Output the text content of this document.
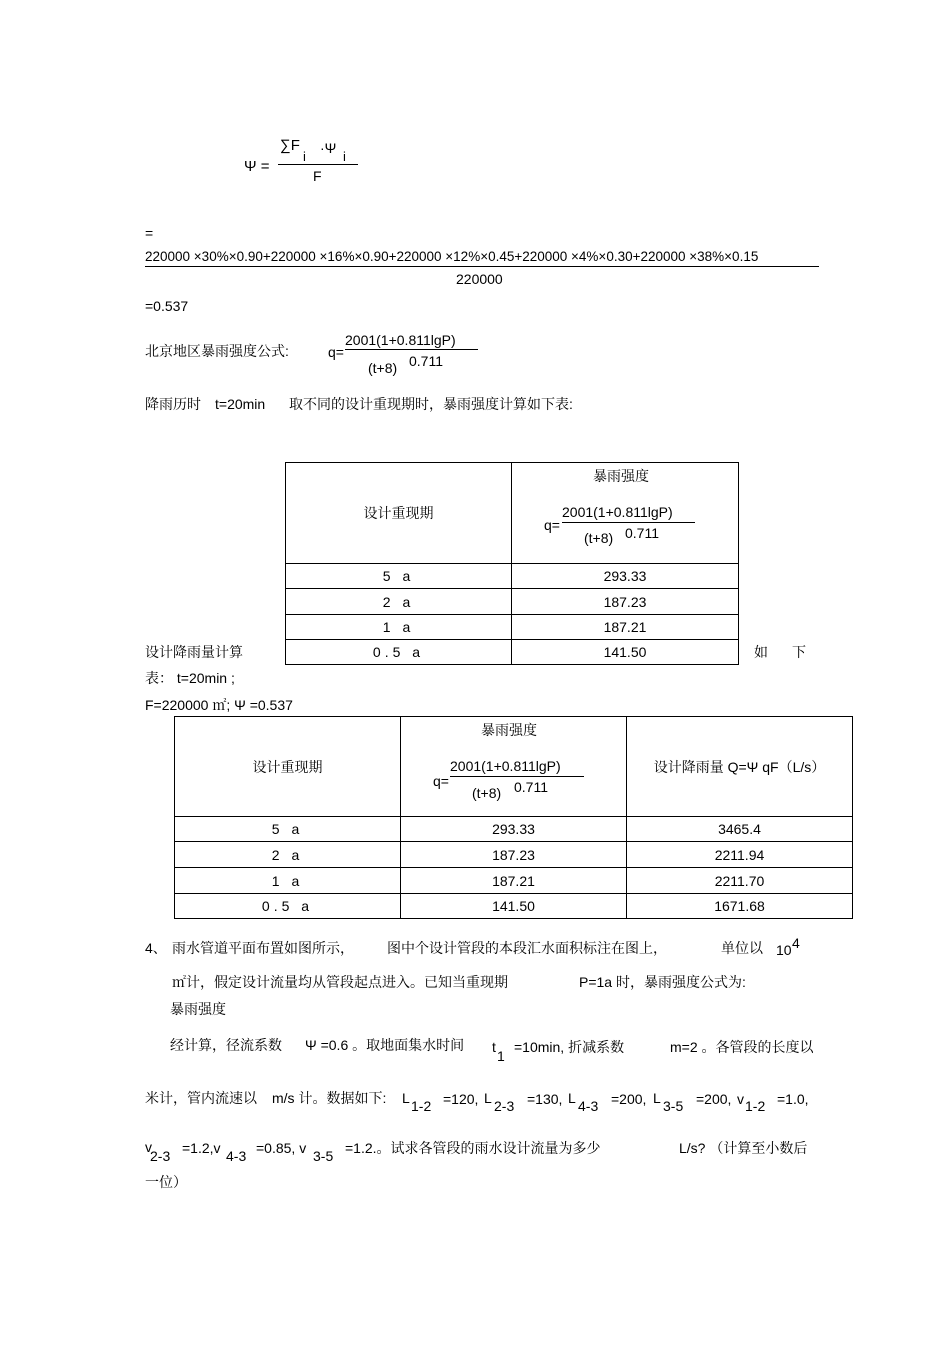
Ψ =
∑F
i
·Ψ
i
F
=
220000 ×30%×0.90+220000 ×16%×0.90+220000 ×12%×0.45+220000 ×4%×0.30+220000 ×38%×0.15
220000
=0.537
北京地区暴雨强度公式:	q=
2001(1+0.811lgP)
(t+8) 0.711
降雨历时 t=20min 取不同的设计重现期时，暴雨强度计算如下表:
设计重现期	暴雨强度
q=
2001(1+0.811lgP)
(t+8) 0.711

5 a	293.33
2 a	187.23
1 a	187.21
0.5 a	141.50
设计降雨量计算	如 下
表： t=20min ;
F=220000 ㎡; Ψ =0.537
设计重现期	暴雨强度
q=
2001(1+0.811lgP)
(t+8) 0.711	设计降雨量 Q=Ψ qF（L/s）
5 a	293.33	3465.4
2 a	187.23	2211.94
1 a	187.21	2211.70
0.5 a	141.50	1671.68
4、 雨水管道平面布置如图所示， 图中个设计管段的本段汇水面积标注在图上，	单位以 10 4
㎡计，假定设计流量均从管段起点进入。已知当重现期	P=1a 时，暴雨强度公式为:
暴雨强度
经计算，径流系数 Ψ =0.6 。取地面集水时间 t
1
=10min, 折减系数	m=2 。各管段的长度以
米计，管内流速以 m/s 计。数据如下: L 1-2 =120, L 2-3 =130, L 4-3 =200, L 3-5 =200, v 1-2 =1.0,
v
2-3 =1.2,v 4-3 =0.85, v 3-5 =1.2.。试求各管段的雨水设计流量为多少	L/s? （计算至小数后
一位）
